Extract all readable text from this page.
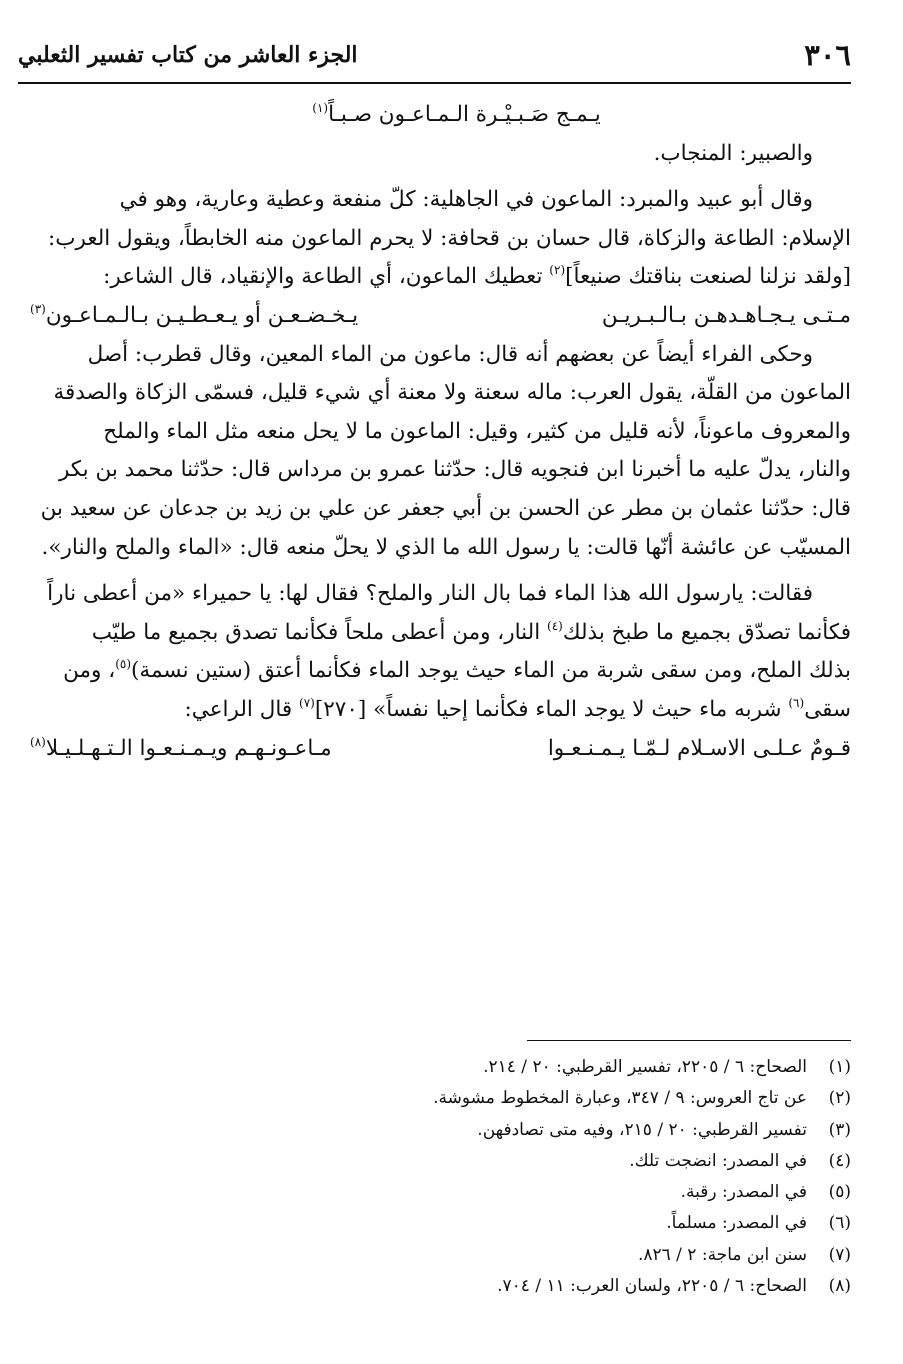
٣٠٦
الجزء العاشر من كتاب تفسير الثعلبي
يـمـج صَـبـيْـرة الـمـاعـون صـبـاً$^{(١)}$
والصبير: المنجاب.
وقال أبو عبيد والمبرد: الماعون في الجاهلية: كلّ منفعة وعطية وعارية، وهو في
الإسلام: الطاعة والزكاة، قال حسان بن قحافة: لا يحرم الماعون منه الخابطاً، ويقول العرب:
[ولقد نزلنا لصنعت بناقتك صنيعاً]$^{(٢)}$ تعطيك الماعون، أي الطاعة والإنقياد، قال الشاعر:
مـتـى يـجـاهـدهـن بـالـبـريـن
يـخـضـعـن أو يـعـطـيـن بـالـمـاعـون$^{(٣)}$
وحكى الفراء أيضاً عن بعضهم أنه قال: ماعون من الماء المعين، وقال قطرب: أصل
الماعون من القلّة، يقول العرب: ماله سعنة ولا معنة أي شيء قليل، فسمّى الزكاة والصدقة
والمعروف ماعوناً، لأنه قليل من كثير، وقيل: الماعون ما لا يحل منعه مثل الماء والملح
والنار، يدلّ عليه ما أخبرنا ابن فنجويه قال: حدّثنا عمرو بن مرداس قال: حدّثنا محمد بن بكر
قال: حدّثنا عثمان بن مطر عن الحسن بن أبي جعفر عن علي بن زيد بن جدعان عن سعيد بن
المسيّب عن عائشة أنّها قالت: يا رسول الله ما الذي لا يحلّ منعه قال: «الماء والملح والنار».
فقالت: يارسول الله هذا الماء فما بال النار والملح؟ فقال لها: يا حميراء «من أعطى ناراً
فكأنما تصدّق بجميع ما طبخ بذلك$^{(٤)}$ النار، ومن أعطى ملحاً فكأنما تصدق بجميع ما طيّب
بذلك الملح، ومن سقى شربة من الماء حيث يوجد الماء فكأنما أعتق (ستين نسمة)$^{(٥)}$، ومن
سقى$^{(٦)}$ شربه ماء حيث لا يوجد الماء فكأنما إحيا نفساً» [٢٧٠]$^{(٧)}$ قال الراعي:
قـومٌ عـلـى الاسـلام لـمّـا يـمـنـعـوا
مـاعـونـهـم ويـمـنـعـوا الـتـهـلـيـلا$^{(٨)}$
(١)الصحاح: ٦ / ٢٢٠٥، تفسير القرطبي: ٢٠ / ٢١٤.
(٢)عن تاج العروس: ٩ / ٣٤٧، وعبارة المخطوط مشوشة.
(٣)تفسير القرطبي: ٢٠ / ٢١٥، وفيه متى تصادفهن.
(٤)في المصدر: انضجت تلك.
(٥)في المصدر: رقبة.
(٦)في المصدر: مسلماً.
(٧)سنن ابن ماجة: ٢ / ٨٢٦.
(٨)الصحاح: ٦ / ٢٢٠٥، ولسان العرب: ١١ / ٧٠٤.
